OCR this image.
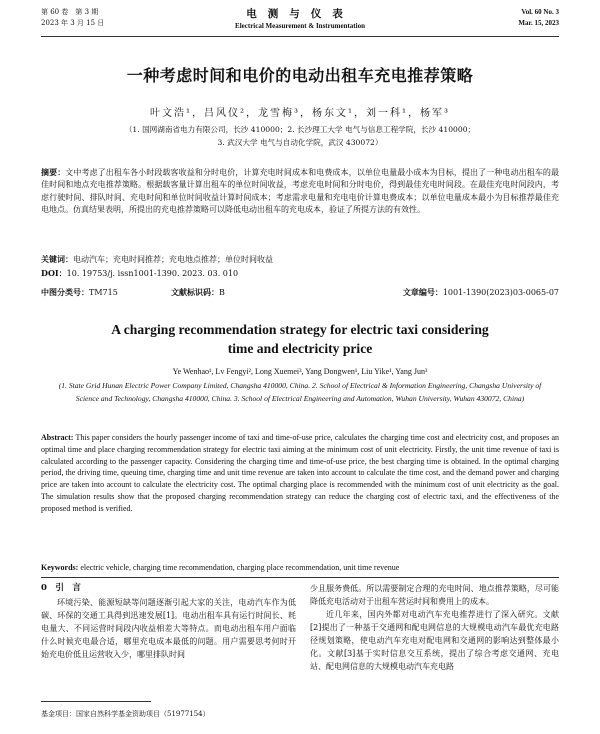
第 60 卷　第 3 期
2023 年 3 月 15 日
电测与仪表
Electrical Measurement & Instrumentation
Vol. 60 No. 3
Mar. 15, 2023
一种考虑时间和电价的电动出租车充电推荐策略
叶文浩¹，吕风仪²，龙雪梅³，杨东文¹，刘一科¹，杨军³
（1. 国网湖南省电力有限公司，长沙 410000；2. 长沙理工大学 电气与信息工程学院，长沙 410000；
3. 武汉大学 电气与自动化学院，武汉 430072）
摘要：文中考虑了出租车各小时段载客收益和分时电价，计算充电时间成本和电费成本，以单位电量最小成本为目标，提出了一种电动出租车的最佳时间和地点充电推荐策略。根据载客量计算出租车的单位时间收益，考虑充电时间和分时电价，得到最佳充电时间段。在最佳充电时间段内，考虑行驶时间、排队时间、充电时间和单位时间收益计算时间成本；考虑需求电量和充电电价计算电费成本；以单位电量成本最小为目标推荐最佳充电地点。仿真结果表明，所提出的充电推荐策略可以降低电动出租车的充电成本，验证了所提方法的有效性。
关键词：电动汽车；充电时间推荐；充电地点推荐；单位时间收益
DOI：10. 19753/j. issn1001-1390. 2023. 03. 010
中图分类号：TM715	文献标识码：B	文章编号：1001-1390(2023)03-0065-07
A charging recommendation strategy for electric taxi considering
time and electricity price
Ye Wenhao¹, Lv Fengyi², Long Xuemei³, Yang Dongwen¹, Liu Yike¹, Yang Jun³
(1. State Grid Hunan Electric Power Company Limited, Changsha 410000, China. 2. School of Electrical & Information Engineering, Changsha University of Science and Technology, Changsha 410000, China. 3. School of Electrical Engineering and Automation, Wuhan University, Wuhan 430072, China)
Abstract: This paper considers the hourly passenger income of taxi and time-of-use price, calculates the charging time cost and electricity cost, and proposes an optimal time and place charging recommendation strategy for electric taxi aiming at the minimum cost of unit electricity. Firstly, the unit time revenue of taxi is calculated according to the passenger capacity. Considering the charging time and time-of-use price, the best charging time is obtained. In the optimal charging period, the driving time, queuing time, charging time and unit time revenue are taken into account to calculate the time cost, and the demand power and charging price are taken into account to calculate the electricity cost. The optimal charging place is recommended with the minimum cost of unit electricity as the goal. The simulation results show that the proposed charging recommendation strategy can reduce the charging cost of electric taxi, and the effectiveness of the proposed method is verified.
Keywords: electric vehicle, charging time recommendation, charging place recommendation, unit time revenue
0　引　言

环境污染、能源短缺等问题逐渐引起大家的关注，电动汽车作为低碳、环保的交通工具得到迅速发展[1]。电动出租车具有运行时间长、耗电量大、不同运营时间段内收益相差大等特点。而电动出租车用户面临什么时候充电最合适，哪里充电成本最低的问题。用户需要思考何时开始充电价低且运营收入少，哪里排队时间

少且服务费低。所以需要制定合理的充电时间、地点推荐策略，尽可能降低充电活动对于出租车营运时间和费用上的成本。

近几年来，国内外都对电动汽车充电推荐进行了深入研究。文献[2]提出了一种基于交通网和配电网信息的大规模电动汽车最优充电路径规划策略，使电动汽车充电对配电网和交通网的影响达到整体最小化。文献[3]基于实时信息交互系统，提出了综合考虑交通网、充电站、配电网信息的大规模电动汽车充电路

基金项目：国家自然科学基金资助项目（51977154）
